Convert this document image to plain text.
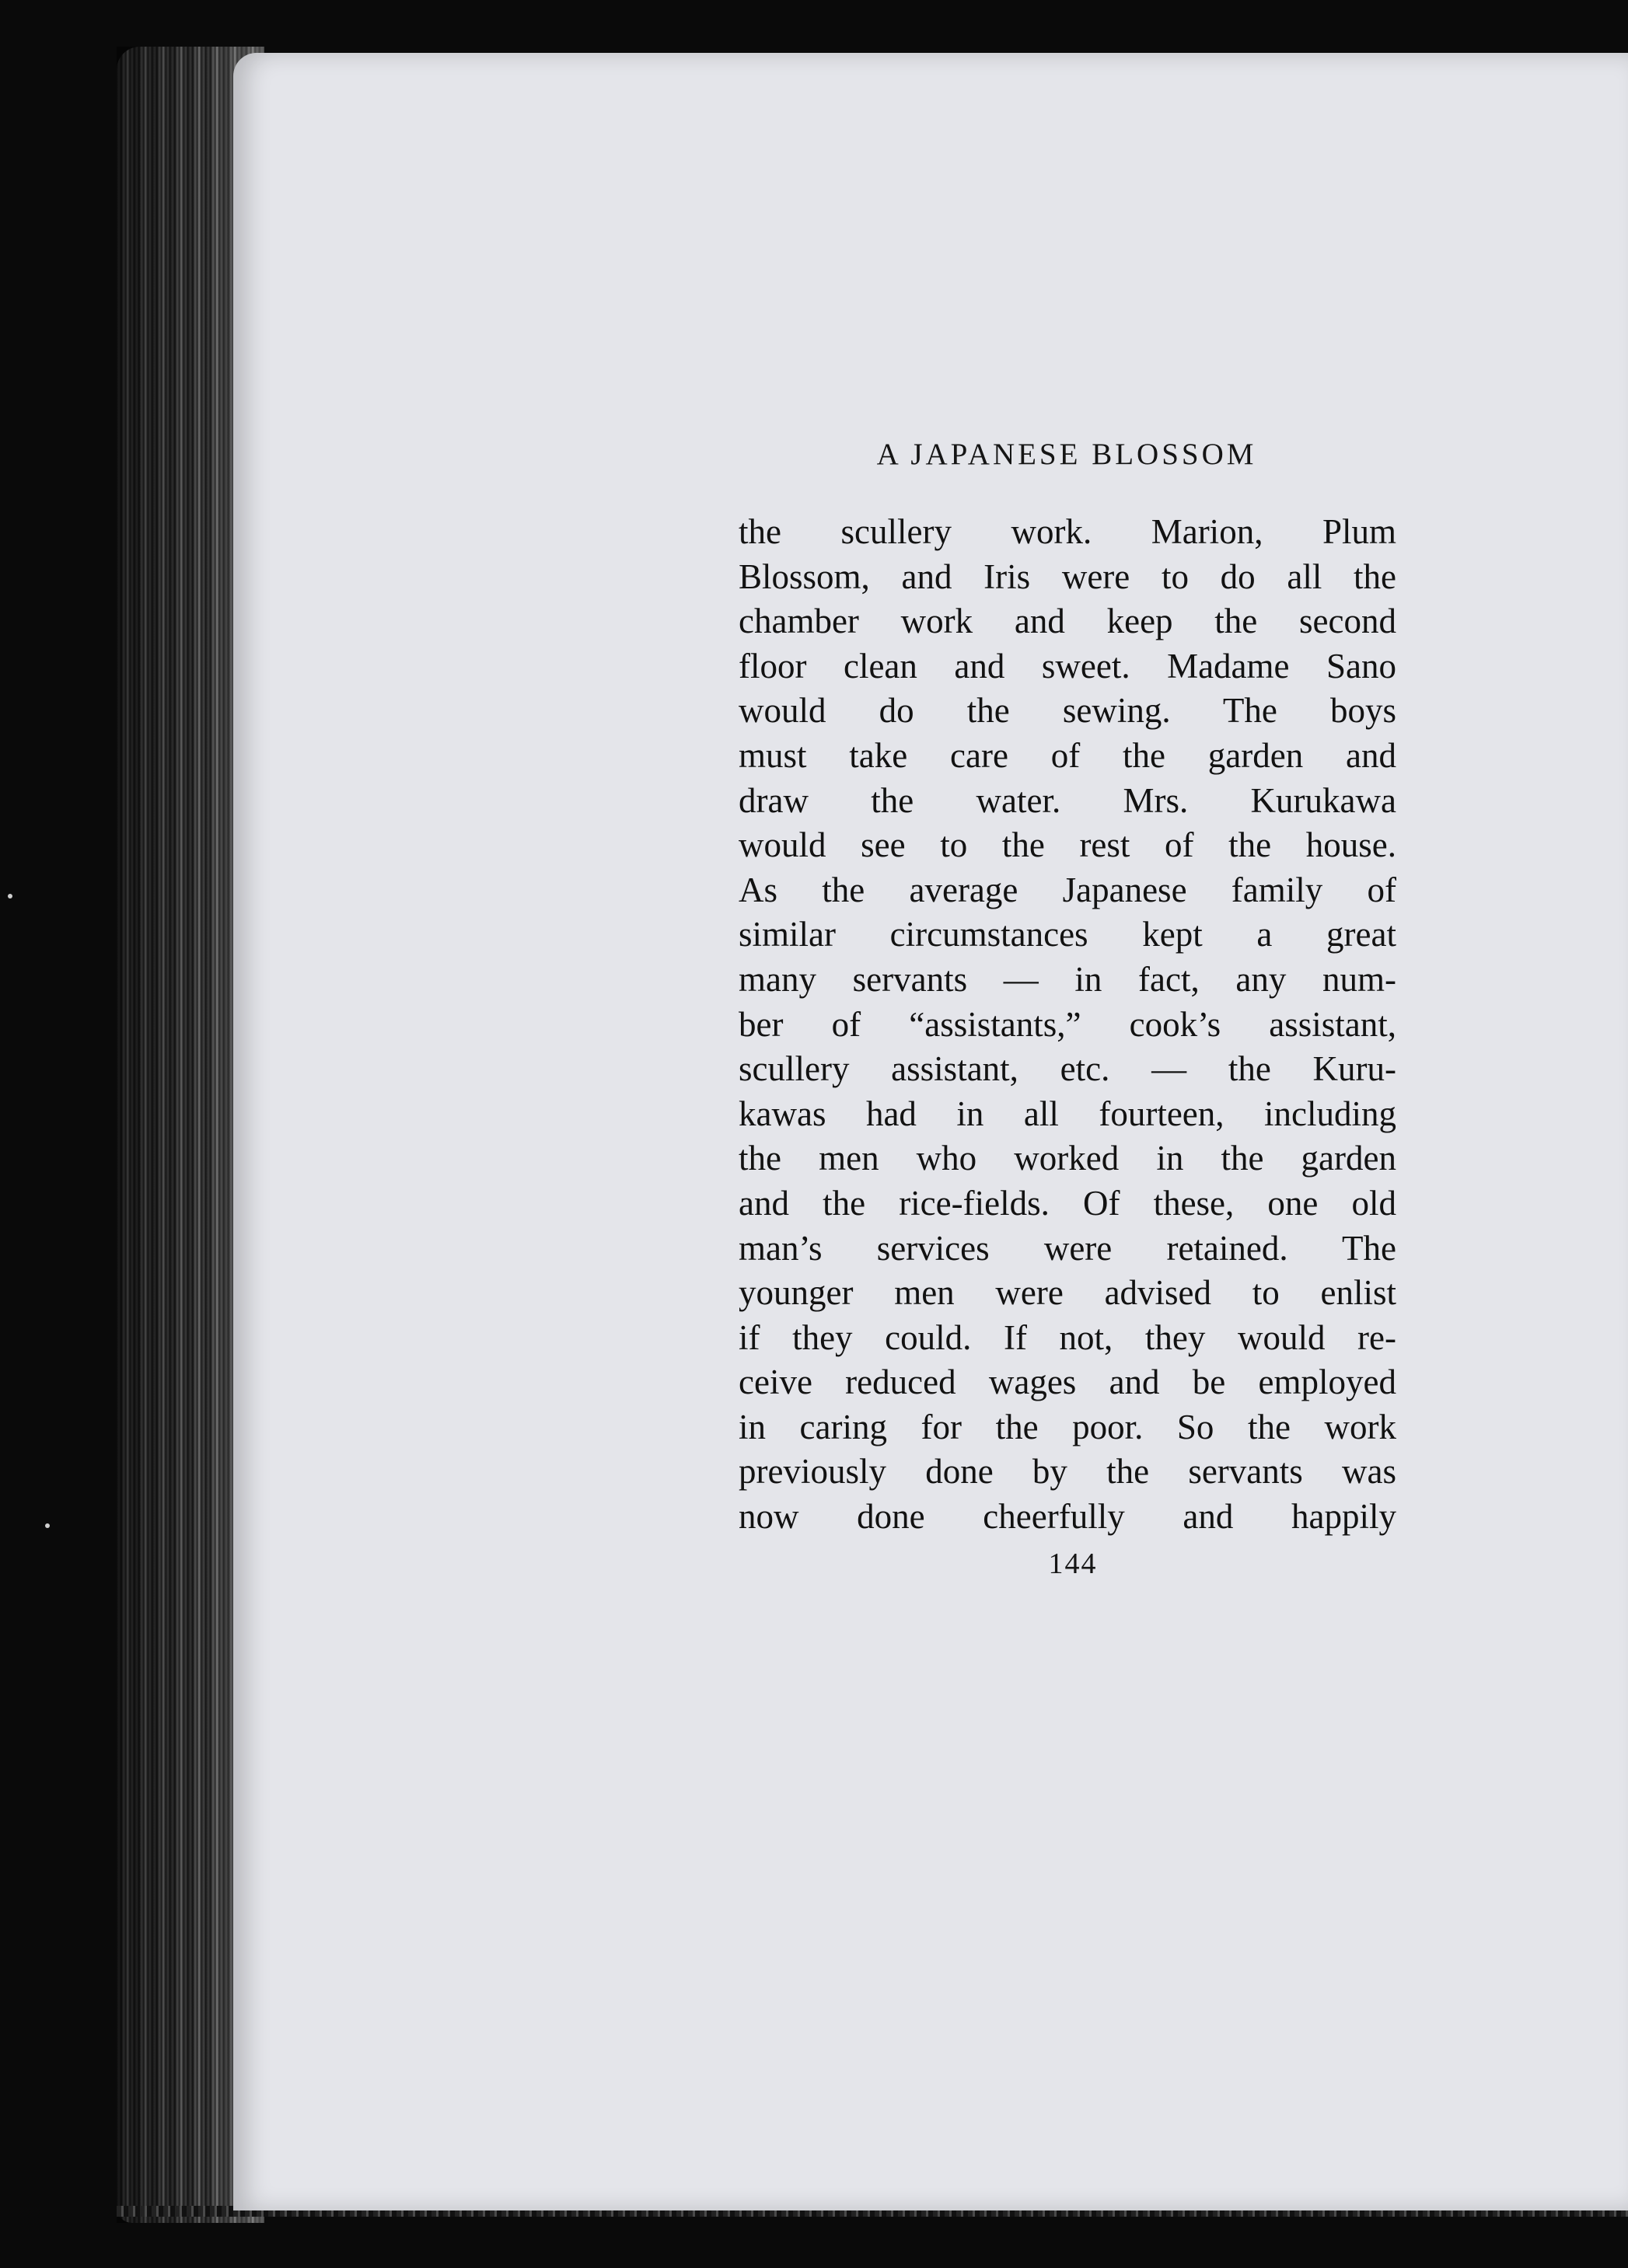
A JAPANESE BLOSSOM
the scullery work. Marion, Plum
Blossom, and Iris were to do all the
chamber work and keep the second
floor clean and sweet. Madame Sano
would do the sewing. The boys
must take care of the garden and
draw the water. Mrs. Kurukawa
would see to the rest of the house.
As the average Japanese family of
similar circumstances kept a great
many servants — in fact, any num-
ber of “assistants,” cook’s assistant,
scullery assistant, etc. — the Kuru-
kawas had in all fourteen, including
the men who worked in the garden
and the rice-fields. Of these, one old
man’s services were retained. The
younger men were advised to enlist
if they could. If not, they would re-
ceive reduced wages and be employed
in caring for the poor. So the work
previously done by the servants was
now done cheerfully and happily
144
